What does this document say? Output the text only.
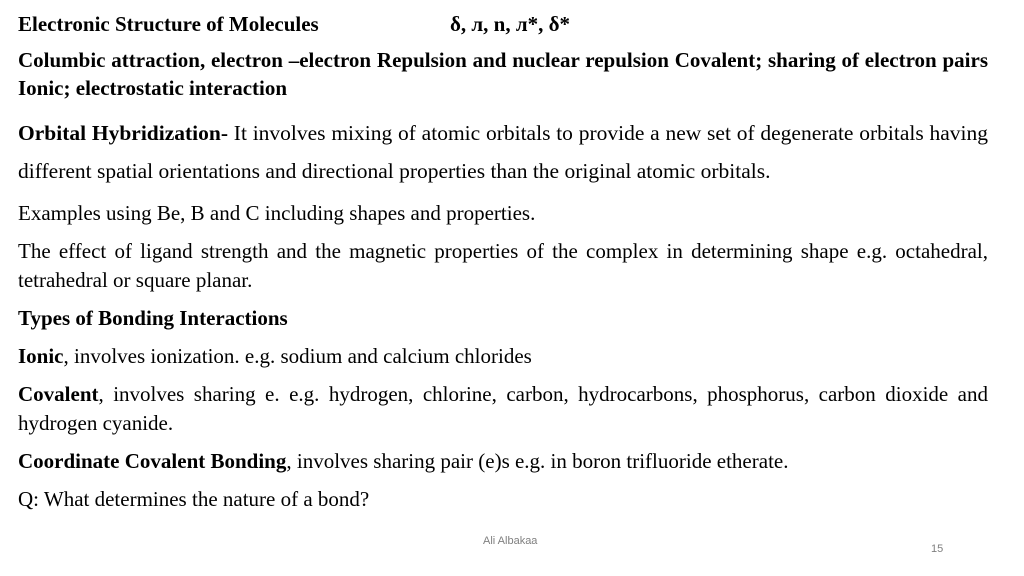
Electronic Structure of Molecules	δ, л, n, л*, δ*

Columbic attraction, electron –electron Repulsion and nuclear repulsion Covalent; sharing of electron pairs Ionic; electrostatic interaction

Orbital Hybridization- It involves mixing of atomic orbitals to provide a new set of degenerate orbitals having different spatial orientations and directional properties than the original atomic orbitals.

Examples using Be, B and C including shapes and properties.

The effect of ligand strength and the magnetic properties of the complex in determining shape e.g. octahedral, tetrahedral or square planar.

Types of Bonding Interactions

Ionic, involves ionization. e.g. sodium and calcium chlorides

Covalent, involves sharing e. e.g. hydrogen, chlorine, carbon, hydrocarbons, phosphorus, carbon dioxide and hydrogen cyanide.

Coordinate Covalent Bonding, involves sharing pair (e)s e.g. in boron trifluoride etherate.

Q: What determines the nature of a bond?

Ali Albakaa
15
